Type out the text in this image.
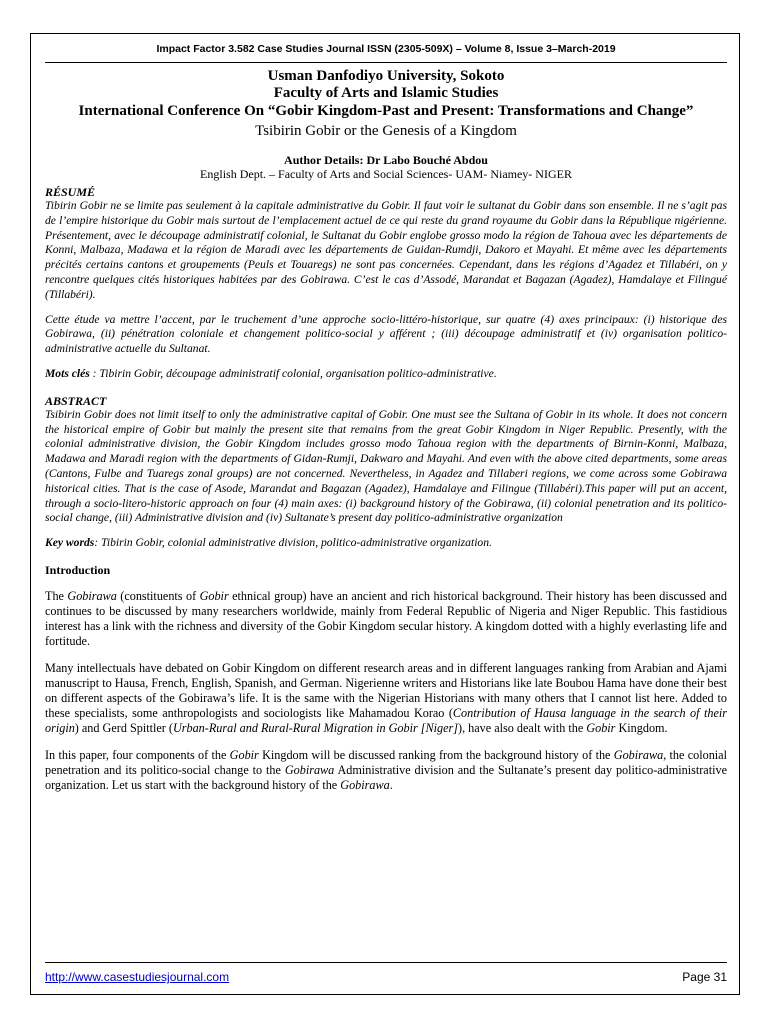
Impact Factor 3.582 Case Studies Journal ISSN (2305-509X) – Volume 8, Issue 3–March-2019
Usman Danfodiyo University, Sokoto
Faculty of Arts and Islamic Studies
International Conference On “Gobir Kingdom-Past and Present: Transformations and Change”
Tsibirin Gobir or the Genesis of a Kingdom
Author Details: Dr Labo Bouché Abdou
English Dept. – Faculty of Arts and Social Sciences- UAM- Niamey- NIGER
RÉSUMÉ
Tibirin Gobir ne se limite pas seulement à la capitale administrative du Gobir. Il faut voir le sultanat du Gobir dans son ensemble. Il ne s’agit pas de l’empire historique du Gobir mais surtout de l’emplacement actuel de ce qui reste du grand royaume du Gobir dans la République nigérienne. Présentement, avec le découpage administratif colonial, le Sultanat du Gobir englobe grosso modo la région de Tahoua avec les départements de Konni, Malbaza, Madawa et la région de Maradi avec les départements de Guidan-Rumdji, Dakoro et Mayahi. Et même avec les départements précités certains cantons et groupements (Peuls et Touaregs) ne sont pas concernées. Cependant, dans les régions d’Agadez et Tillabéri, on y rencontre quelques cités historiques habitées par des Gobirawa. C’est le cas d’Assodé, Marandat et Bagazan (Agadez), Hamdalaye et Filingué (Tillabéri).
Cette étude va mettre l’accent, par le truchement d’une approche socio-littéro-historique, sur quatre (4) axes principaux: (i) historique des Gobirawa, (ii) pénétration coloniale et changement politico-social y afférent ; (iii) découpage administratif et (iv) organisation politico-administrative actuelle du Sultanat.
Mots clés : Tibirin Gobir, découpage administratif colonial, organisation politico-administrative.
ABSTRACT
Tsibirin Gobir does not limit itself to only the administrative capital of Gobir. One must see the Sultana of Gobir in its whole. It does not concern the historical empire of Gobir but mainly the present site that remains from the great Gobir Kingdom in Niger Republic. Presently, with the colonial administrative division, the Gobir Kingdom includes grosso modo Tahoua region with the departments of Birnin-Konni, Malbaza, Madawa and Maradi region with the departments of Gidan-Rumji, Dakwaro and Mayahi. And even with the above cited departments, some areas (Cantons, Fulbe and Tuaregs zonal groups) are not concerned. Nevertheless, in Agadez and Tillaberi regions, we come across some Gobirawa historical cities. That is the case of Asode, Marandat and Bagazan (Agadez), Hamdalaye and Filingue (Tillabéri).This paper will put an accent, through a socio-litero-historic approach on four (4) main axes: (i) background history of the Gobirawa, (ii) colonial penetration and its politico-social change, (iii) Administrative division and (iv) Sultanate’s present day politico-administrative organization
Key words: Tibirin Gobir, colonial administrative division, politico-administrative organization.
Introduction
The Gobirawa (constituents of Gobir ethnical group) have an ancient and rich historical background. Their history has been discussed and continues to be discussed by many researchers worldwide, mainly from Federal Republic of Nigeria and Niger Republic. This fastidious interest has a link with the richness and diversity of the Gobir Kingdom secular history. A kingdom dotted with a highly everlasting life and fortitude.
Many intellectuals have debated on Gobir Kingdom on different research areas and in different languages ranking from Arabian and Ajami manuscript to Hausa, French, English, Spanish, and German. Nigerienne writers and Historians like late Boubou Hama have done their best on different aspects of the Gobirawa’s life. It is the same with the Nigerian Historians with many others that I cannot list here. Added to these specialists, some anthropologists and sociologists like Mahamadou Korao (Contribution of Hausa language in the search of their origin) and Gerd Spittler (Urban-Rural and Rural-Rural Migration in Gobir [Niger]), have also dealt with the Gobir Kingdom.
In this paper, four components of the Gobir Kingdom will be discussed ranking from the background history of the Gobirawa, the colonial penetration and its politico-social change to the Gobirawa Administrative division and the Sultanate’s present day politico-administrative organization. Let us start with the background history of the Gobirawa.
http://www.casestudiesjournal.com	Page 31
